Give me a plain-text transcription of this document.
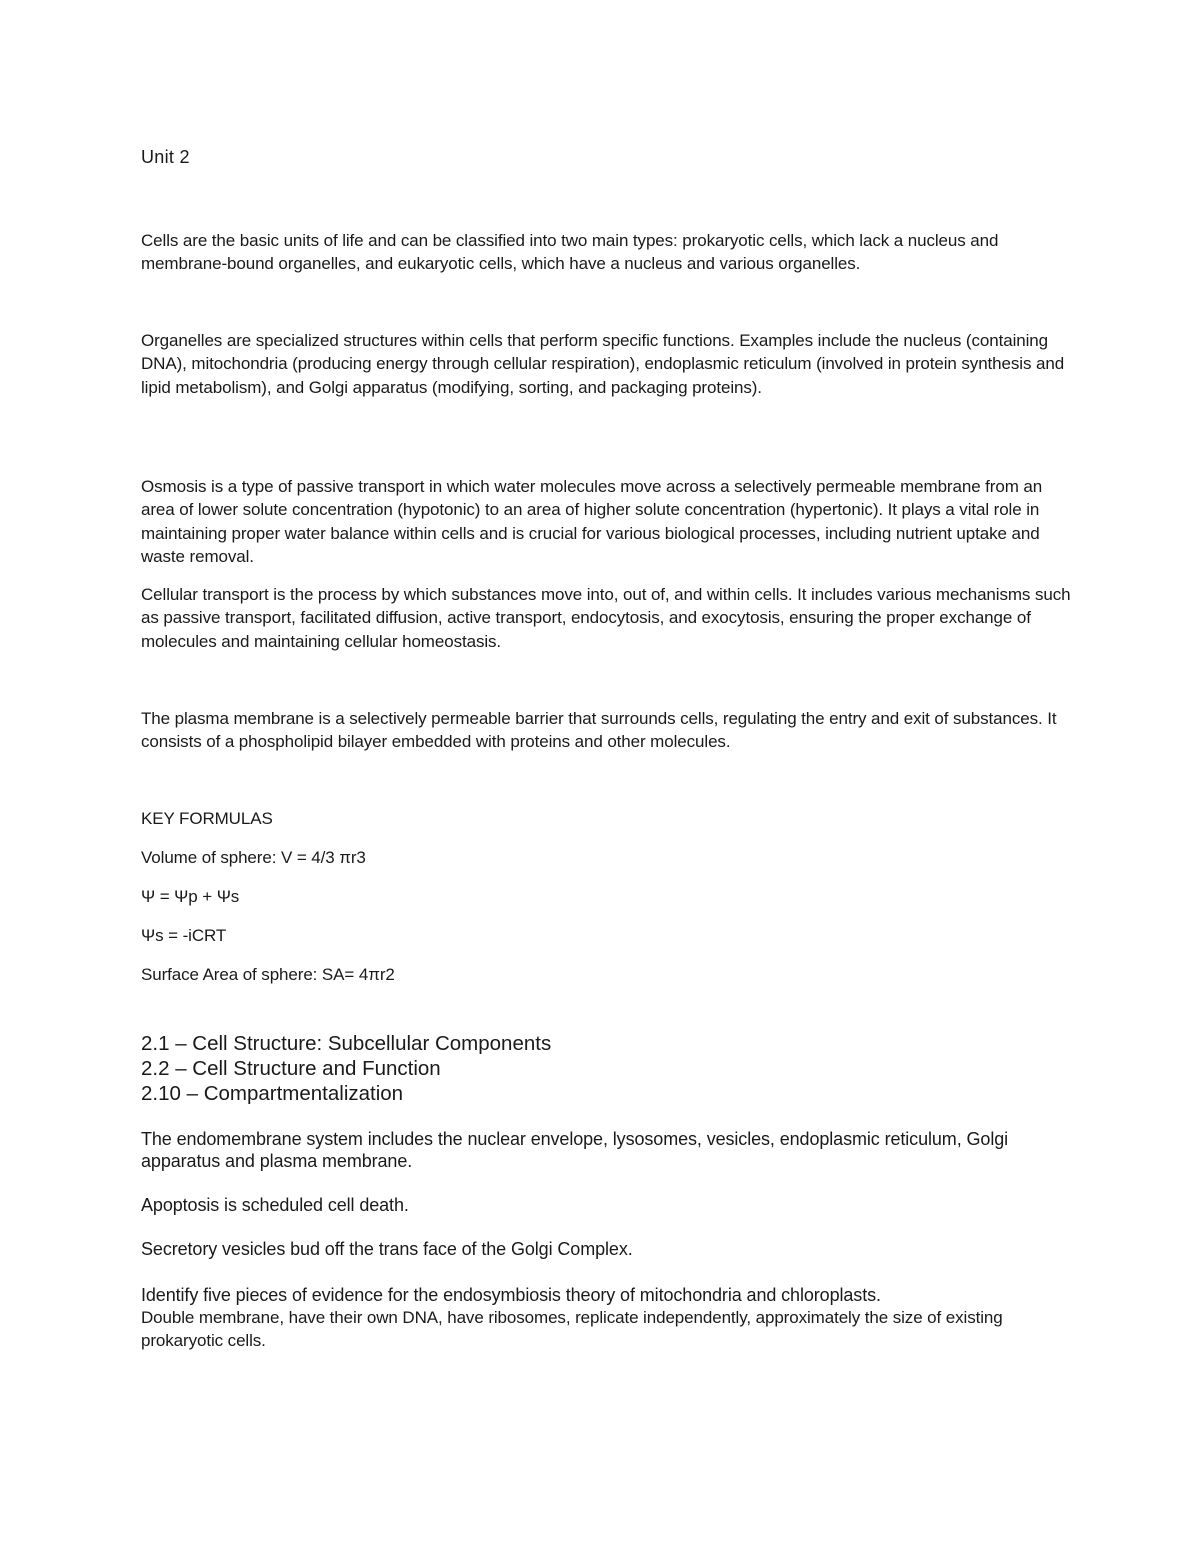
Unit 2

Cells are the basic units of life and can be classified into two main types: prokaryotic cells, which lack a nucleus and membrane-bound organelles, and eukaryotic cells, which have a nucleus and various organelles.

Organelles are specialized structures within cells that perform specific functions. Examples include the nucleus (containing DNA), mitochondria (producing energy through cellular respiration), endoplasmic reticulum (involved in protein synthesis and lipid metabolism), and Golgi apparatus (modifying, sorting, and packaging proteins).

Osmosis is a type of passive transport in which water molecules move across a selectively permeable membrane from an area of lower solute concentration (hypotonic) to an area of higher solute concentration (hypertonic). It plays a vital role in maintaining proper water balance within cells and is crucial for various biological processes, including nutrient uptake and waste removal.

Cellular transport is the process by which substances move into, out of, and within cells. It includes various mechanisms such as passive transport, facilitated diffusion, active transport, endocytosis, and exocytosis, ensuring the proper exchange of molecules and maintaining cellular homeostasis.

The plasma membrane is a selectively permeable barrier that surrounds cells, regulating the entry and exit of substances. It consists of a phospholipid bilayer embedded with proteins and other molecules.

KEY FORMULAS
Volume of sphere: V = 4/3 πr3
Ψ = Ψp + Ψs
Ψs = -iCRT
Surface Area of sphere: SA= 4πr2
2.1 – Cell Structure: Subcellular Components
2.2 – Cell Structure and Function
2.10 – Compartmentalization

The endomembrane system includes the nuclear envelope, lysosomes, vesicles, endoplasmic reticulum, Golgi apparatus and plasma membrane.

Apoptosis is scheduled cell death.

Secretory vesicles bud off the trans face of the Golgi Complex.

Identify five pieces of evidence for the endosymbiosis theory of mitochondria and chloroplasts.

Double membrane, have their own DNA, have ribosomes, replicate independently, approximately the size of existing prokaryotic cells.
